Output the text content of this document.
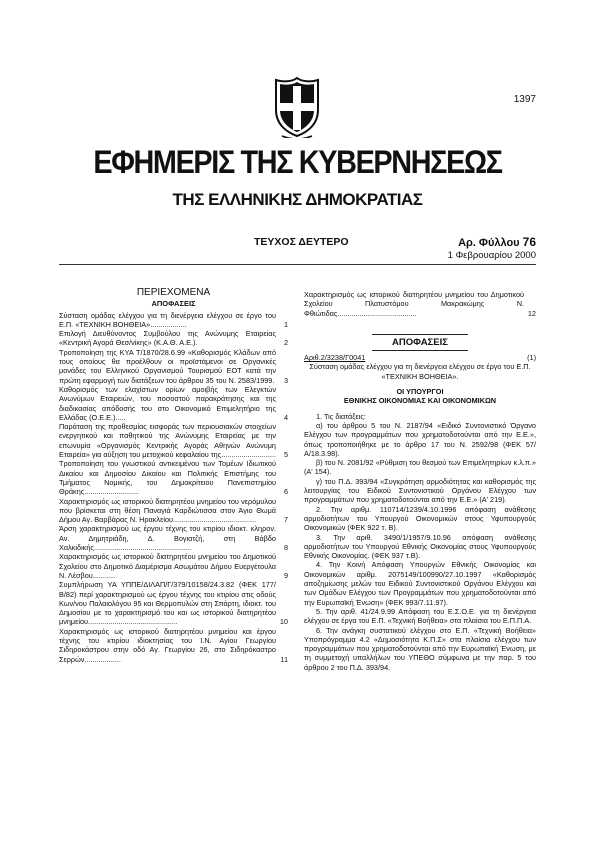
1397
ΕΦΗΜΕΡΙΣ ΤΗΣ ΚΥΒΕΡΝΗΣΕΩΣ
ΤΗΣ ΕΛΛΗΝΙΚΗΣ ΔΗΜΟΚΡΑΤΙΑΣ
ΤΕΥΧΟΣ ΔΕΥΤΕΡΟ	Αρ. Φύλλου 76
1 Φεβρουαρίου 2000
ΠΕΡΙΕΧΟΜΕΝΑ
ΑΠΟΦΑΣΕΙΣ
Σύσταση ομάδας ελέγχου για τη διενέργεια ελέγχου σε έργο του Ε.Π. «ΤΕΧΝΙΚΗ ΒΟΗΘΕΙΑ»..................	1
Επιλογή Διευθύνοντος Συμβούλου της Ανώνυμης Εταιρείας «Κεντρική Αγορά Θεσ/νίκης» (Κ.Α.Θ. Α.Ε.).	2
Τροποποίηση της ΚΥΑ Τ/1870/28.6.99 «Καθορισμός Κλάδων από τους οποίους θα προέλθουν οι προϊστάμενοι σε Οργανικές μονάδες του Ελληνικού Οργανισμού Τουρισμού ΕΟΤ κατά την πρώτη εφαρμογή των διατάξεων του άρθρου 35 του Ν. 2583/1999.	3
Καθορισμός των ελαχίστων ορίων αμοιβής των Ελεγκτών Ανωνύμων Εταιρειών, του ποσοστού παρακράτησης και της διαδικασίας απόδοσής του στο Οικονομικό Επιμελητήριο της Ελλάδας (Ο.Ε.Ε.).....	4
Παράταση της προθεσμίας εισφοράς των περιουσιακών στοιχείων ενεργητικού και παθητικού της Ανώνυμης Εταιρείας με την επωνυμία «Οργανισμός Κεντρικής Αγοράς Αθηνών Ανώνυμη Εταιρεία» για αύξηση του μετοχικού κεφαλαίου της...........................	5
Τροποποίηση του γνωστικού αντικειμένου των Τομέων Ιδιωτικού Δικαίου και Δημοσίου Δικαίου και Πολιτικής Επιστήμης του Τμήματος Νομικής, του Δημοκρίτειου Πανεπιστημίου Θράκης...........................	6
Χαρακτηρισμός ως ιστορικού διατηρητέου μνημείου του νερόμυλου που βρίσκεται στη θέση Παναγιά Καρδιώτισσα στον Άγιο Θωμά Δήμου Αγ. Βαρβάρας Ν. Ηρακλείου.........................................	7
Άρση χαρακτηρισμού ως έργου τέχνης του κτιρίου ιδιοκτ. κληρον. Αν. Δημητριάδη, Δ. Βογιατζή, στη Βάβδο Χαλκιδικής................................................	8
Χαρακτηρισμός ως ιστορικού διατηρητέου μνημείου του Δημοτικού Σχολείου στο Δημοτικό Διαμέρισμα Ασωμάτου Δήμου Ευεργέτουλα Ν. Λέσβου...........	9
Συμπλήρωση ΥΑ ΥΠΠΕ/ΔΙΛΑΠ/Γ/379/10158/24.3.82 (ΦΕΚ 177/Β/82) περί χαρακτηρισμού ως έργου τέχνης του κτιρίου στις οδούς Κων/νου Παλαιολόγου 95 και Θερμοπυλών στη Σπάρτη, ιδιοκτ. του Δημοσίου με το χαρακτηρισμό του και ως ιστορικού διατηρητέου μνημείου............................................	10
Χαρακτηρισμός ως ιστορικού διατηρητέου μνημείου και έργου τέχνης του κτιρίου ιδιοκτησίας του Ι.Ν. Αγίου Γεωργίου Σιδηροκάστρου στην οδό Αγ. Γεωργίου 26, στο Σιδηρόκαστρο Σερρών..................	11
Χαρακτηρισμός ως ιστορικού διατηρητέου μνημείου του Δημοτικού Σχολείου Πλατυστόμου Μακρακώμης Ν. Φθιώτιδας.......................................	12
ΑΠΟΦΑΣΕΙΣ
Αριθ.2/3238/Γ0041	(1)
Σύσταση ομάδας ελέγχου για τη διενέργεια ελέγχου σε έργο του Ε.Π. «ΤΕΧΝΙΚΗ ΒΟΗΘΕΙΑ».
ΟΙ ΥΠΟΥΡΓΟΙ
ΕΘΝΙΚΗΣ ΟΙΚΟΝΟΜΙΑΣ ΚΑΙ ΟΙΚΟΝΟΜΙΚΩΝ
1. Τις διατάξεις:
α) του άρθρου 5 του Ν. 2187/94 «Ειδικό Συντονιστικό Όργανο Ελέγχου των προγραμμάτων που χρηματοδοτούνται από την Ε.Ε.», όπως τροποποιήθηκε με το άρθρο 17 του Ν. 2592/98 (ΦΕΚ 57/Α/18.3.98).
β) του Ν. 2081/92 «Ρύθμιση του θεσμού των Επιμελητηρίων κ.λ.π.» (Α' 154).
γ) του Π.Δ. 393/94 «Συγκρότηση αρμοδιότητας και καθορισμός της λειτουργίας του Ειδικού Συντονιστικού Οργάνου Ελέγχου των προγραμμάτων που χρηματοδοτούνται από την Ε.Ε.» (Α' 219).
2. Την αριθμ. 110714/1239/4.10.1996 απόφαση ανάθεσης αρμοδιοτήτων του Υπουργού Οικονομικών στους Υφυπουργούς Οικονομικών (ΦΕΚ 922 τ. Β).
3. Την αριθ. 3490/1/1957/9.10.96 απόφαση ανάθεσης αρμοδιοτήτων του Υπουργού Εθνικής Οικονομίας στους Υφυπουργούς Εθνικής Οικονομίας. (ΦΕΚ 937 τ.Β).
4. Την Κοινή Απόφαση Υπουργών Εθνικής Οικονομίας και Οικονομικών αριθμ. 2075149/100990/27.10.1997 «Καθορισμός αποζημίωσης μελών του Ειδικού Συντονιστικού Οργάνου Ελέγχου και των Ομάδων Ελέγχου των Προγραμμάτων που χρηματοδοτούνται από την Ευρωπαϊκή Ένωση» (ΦΕΚ 993/7.11.97).
5. Την αριθ. 41/24.9.99 Απόφαση του Ε.Σ.Ο.Ε. για τη διενέργεια ελέγχου σε έργα του Ε.Π. «Τεχνική Βοήθεια» στα πλαίσια του Ε.Π.Π.Α.
6. Την ανάγκη συστατικού ελέγχου στο Ε.Π. «Τεχνική Βοήθεια» Υποπρόγραμμα 4.2 «Δημοσιότητα Κ.Π.Σ» στα πλαίσια ελέγχου των προγραμμάτων που χρηματοδοτούνται από την Ευρωπαϊκή Ένωση, με τη συμμετοχή υπαλλήλων του ΥΠΕΘΟ σύμφωνα με την παρ. 5 του άρθρου 2 του Π.Δ. 393/94.
